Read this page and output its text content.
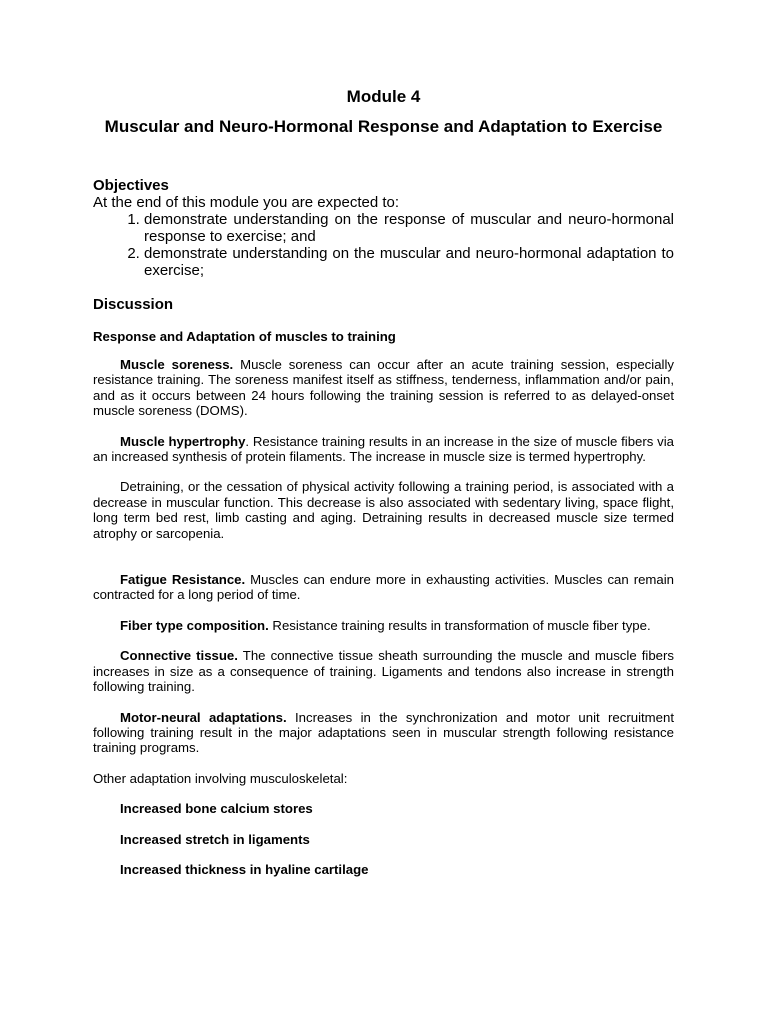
Module 4
Muscular and Neuro-Hormonal Response and Adaptation to Exercise

Objectives

At the end of this module you are expected to:

1. demonstrate understanding on the response of muscular and neuro-hormonal response to exercise; and
2. demonstrate understanding on the muscular and neuro-hormonal adaptation to exercise;

Discussion

Response and Adaptation of muscles to training

Muscle soreness. Muscle soreness can occur after an acute training session, especially resistance training. The soreness manifest itself as stiffness, tenderness, inflammation and/or pain, and as it occurs between 24 hours following the training session is referred to as delayed-onset muscle soreness (DOMS).

Muscle hypertrophy. Resistance training results in an increase in the size of muscle fibers via an increased synthesis of protein filaments. The increase in muscle size is termed hypertrophy.

Detraining, or the cessation of physical activity following a training period, is associated with a decrease in muscular function. This decrease is also associated with sedentary living, space flight, long term bed rest, limb casting and aging. Detraining results in decreased muscle size termed atrophy or sarcopenia.

Fatigue Resistance. Muscles can endure more in exhausting activities. Muscles can remain contracted for a long period of time.

Fiber type composition. Resistance training results in transformation of muscle fiber type.

Connective tissue. The connective tissue sheath surrounding the muscle and muscle fibers increases in size as a consequence of training. Ligaments and tendons also increase in strength following training.

Motor-neural adaptations. Increases in the synchronization and motor unit recruitment following training result in the major adaptations seen in muscular strength following resistance training programs.

Other adaptation involving musculoskeletal:

Increased bone calcium stores

Increased stretch in ligaments

Increased thickness in hyaline cartilage
